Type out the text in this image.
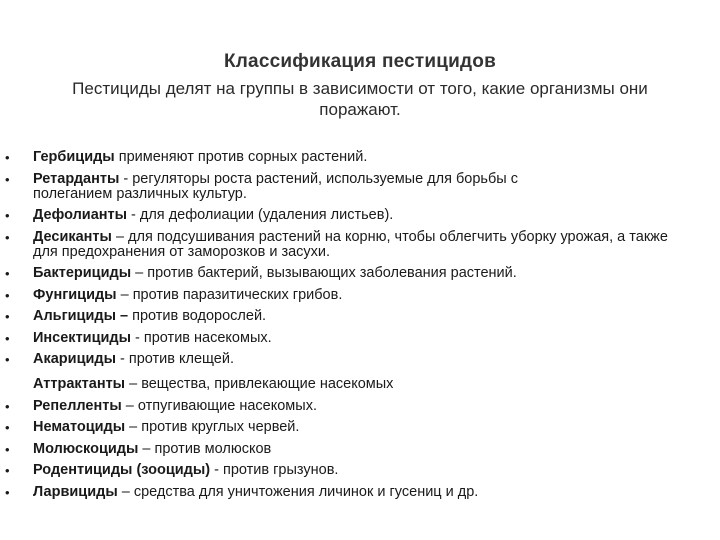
Классификация пестицидов
Пестициды делят на группы в зависимости от того, какие организмы они поражают.
• Гербициды применяют против сорных растений.
• Ретарданты - регуляторы роста растений, используемые для борьбы с полеганием различных культур.
• Дефолианты - для дефолиации (удаления листьев).
• Десиканты – для подсушивания растений на корню, чтобы облегчить уборку урожая, а также для предохранения от заморозков и засухи.
• Бактерициды – против бактерий, вызывающих заболевания растений.
• Фунгициды – против паразитических грибов.
• Альгициды – против водорослей.
• Инсектициды - против насекомых.
• Акарициды - против клещей.
Аттрактанты – вещества, привлекающие насекомых
• Репелленты – отпугивающие насекомых.
• Нематоциды – против круглых червей.
• Молюскоциды – против молюсков
• Родентициды (зооциды) - против грызунов.
• Ларвициды – средства для уничтожения личинок и гусениц и др.
